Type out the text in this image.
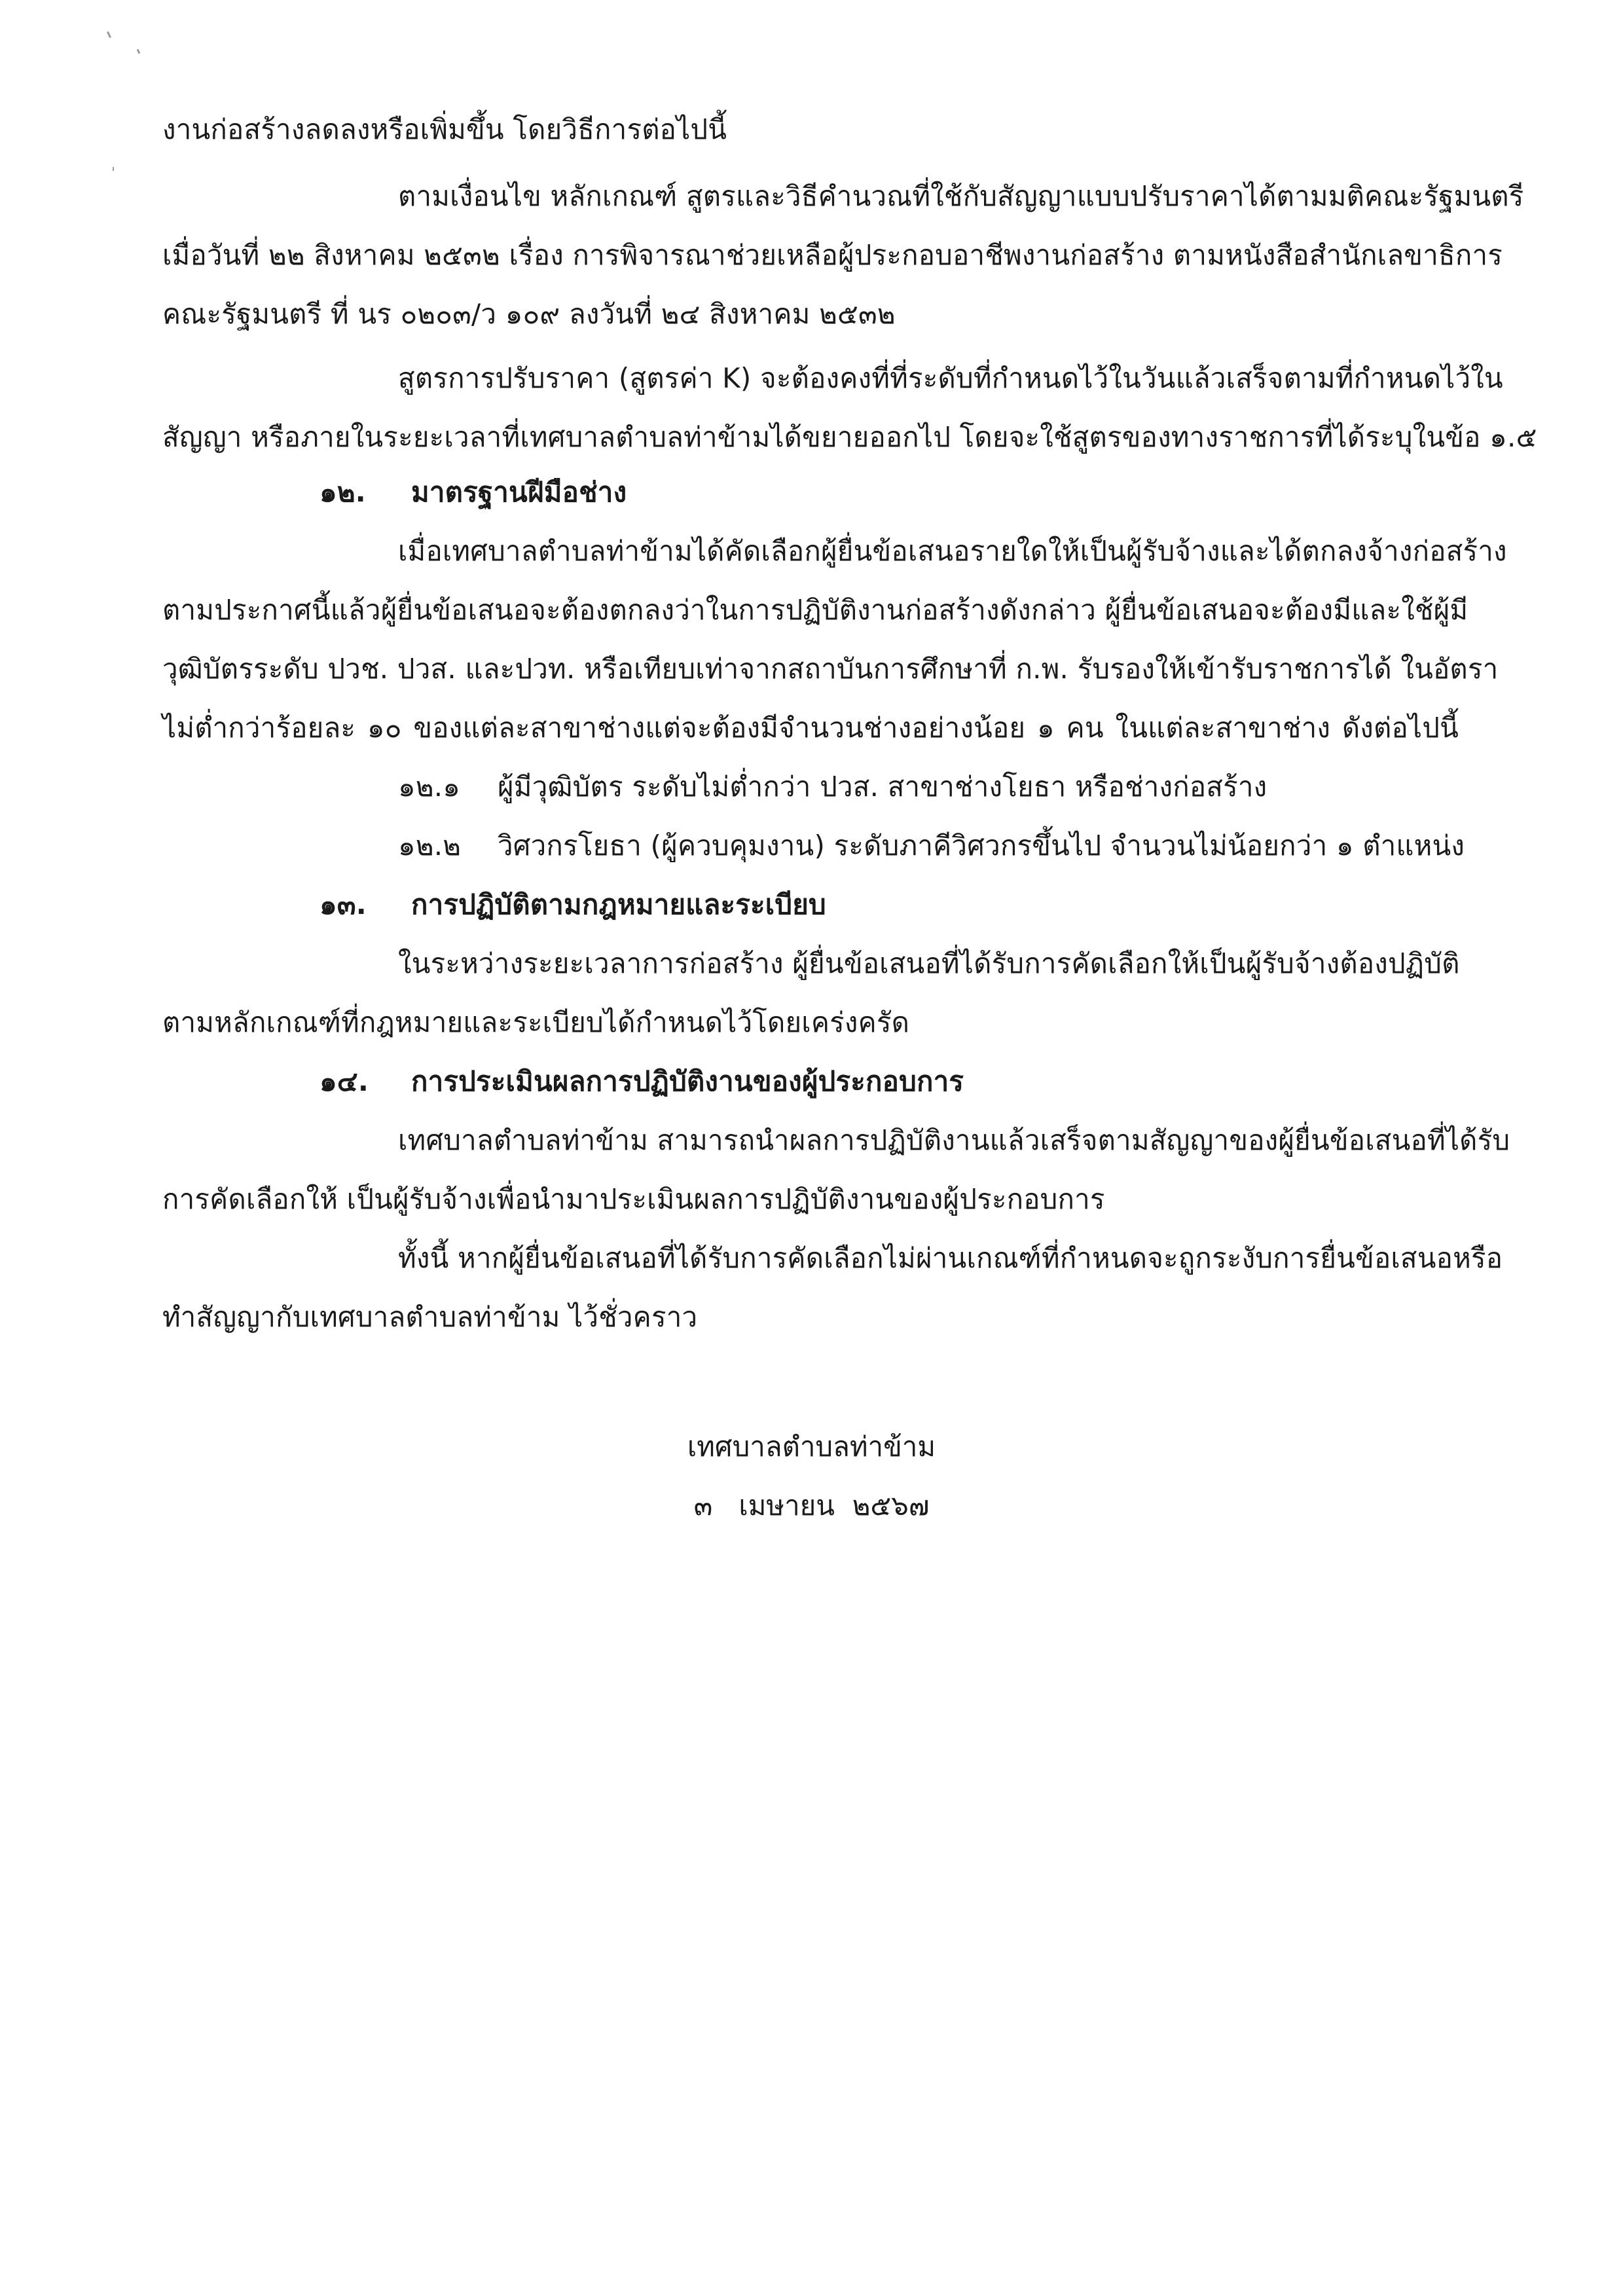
งานก่อสร้างลดลงหรือเพิ่มขึ้น โดยวิธีการต่อไปนี้
ตามเงื่อนไข หลักเกณฑ์ สูตรและวิธีคำนวณที่ใช้กับสัญญาแบบปรับราคาได้ตามมติคณะรัฐมนตรี
เมื่อวันที่ ๒๒ สิงหาคม ๒๕๓๒ เรื่อง การพิจารณาช่วยเหลือผู้ประกอบอาชีพงานก่อสร้าง ตามหนังสือสำนักเลขาธิการ
คณะรัฐมนตรี ที่ นร ๐๒๐๓/ว ๑๐๙ ลงวันที่ ๒๔ สิงหาคม ๒๕๓๒
สูตรการปรับราคา (สูตรค่า K) จะต้องคงที่ที่ระดับที่กำหนดไว้ในวันแล้วเสร็จตามที่กำหนดไว้ใน
สัญญา หรือภายในระยะเวลาที่เทศบาลตำบลท่าข้ามได้ขยายออกไป โดยจะใช้สูตรของทางราชการที่ได้ระบุในข้อ ๑.๕
๑๒. มาตรฐานฝีมือช่าง
เมื่อเทศบาลตำบลท่าข้ามได้คัดเลือกผู้ยื่นข้อเสนอรายใดให้เป็นผู้รับจ้างและได้ตกลงจ้างก่อสร้าง
ตามประกาศนี้แล้วผู้ยื่นข้อเสนอจะต้องตกลงว่าในการปฏิบัติงานก่อสร้างดังกล่าว ผู้ยื่นข้อเสนอจะต้องมีและใช้ผู้มี
วุฒิบัตรระดับ ปวช. ปวส. และปวท. หรือเทียบเท่าจากสถาบันการศึกษาที่ ก.พ. รับรองให้เข้ารับราชการได้ ในอัตรา
ไม่ต่ำกว่าร้อยละ ๑๐ ของแต่ละสาขาช่างแต่จะต้องมีจำนวนช่างอย่างน้อย ๑ คน ในแต่ละสาขาช่าง ดังต่อไปนี้
๑๒.๑ ผู้มีวุฒิบัตร ระดับไม่ต่ำกว่า ปวส. สาขาช่างโยธา หรือช่างก่อสร้าง
๑๒.๒ วิศวกรโยธา (ผู้ควบคุมงาน) ระดับภาคีวิศวกรขึ้นไป จำนวนไม่น้อยกว่า ๑ ตำแหน่ง
๑๓. การปฏิบัติตามกฎหมายและระเบียบ
ในระหว่างระยะเวลาการก่อสร้าง ผู้ยื่นข้อเสนอที่ได้รับการคัดเลือกให้เป็นผู้รับจ้างต้องปฏิบัติ
ตามหลักเกณฑ์ที่กฎหมายและระเบียบได้กำหนดไว้โดยเคร่งครัด
๑๔. การประเมินผลการปฏิบัติงานของผู้ประกอบการ
เทศบาลตำบลท่าข้าม สามารถนำผลการปฏิบัติงานแล้วเสร็จตามสัญญาของผู้ยื่นข้อเสนอที่ได้รับ
การคัดเลือกให้ เป็นผู้รับจ้างเพื่อนำมาประเมินผลการปฏิบัติงานของผู้ประกอบการ
ทั้งนี้ หากผู้ยื่นข้อเสนอที่ได้รับการคัดเลือกไม่ผ่านเกณฑ์ที่กำหนดจะถูกระงับการยื่นข้อเสนอหรือ
ทำสัญญากับเทศบาลตำบลท่าข้าม ไว้ชั่วคราว
เทศบาลตำบลท่าข้าม
๓   เมษายน  ๒๕๖๗
